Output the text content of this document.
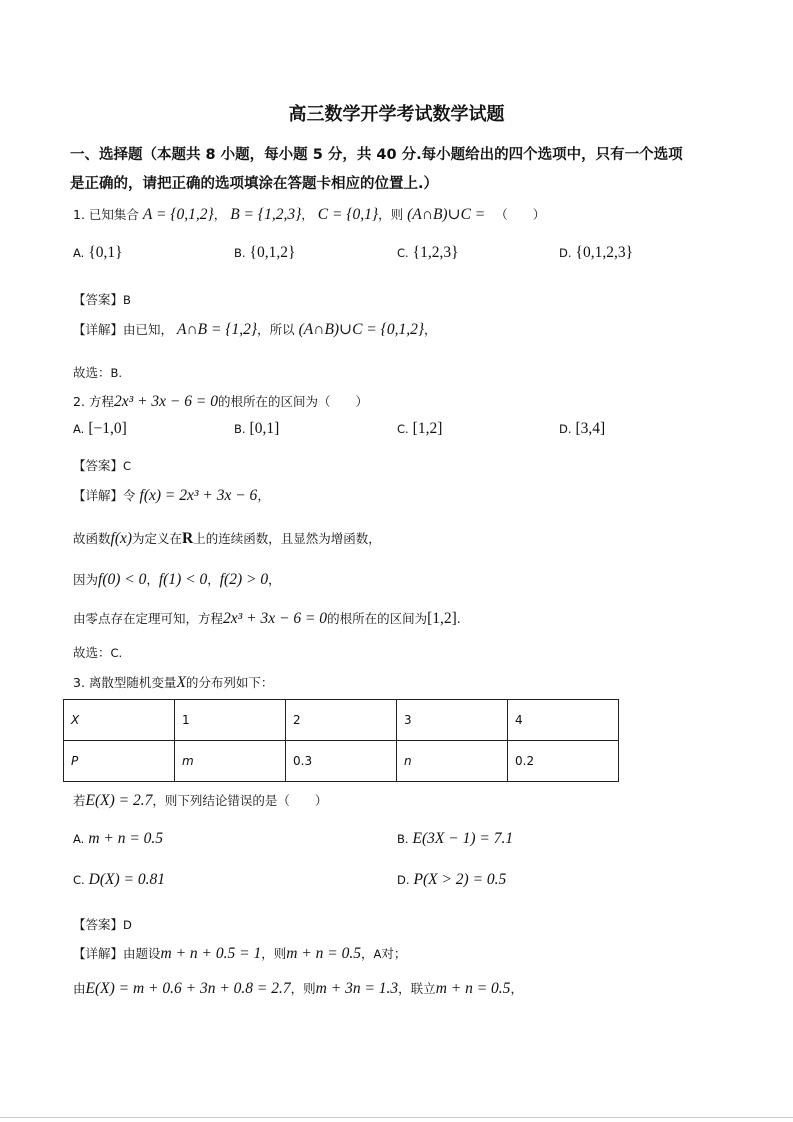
高三数学开学考试数学试题
一、选择题（本题共 8 小题，每小题 5 分，共 40 分.每小题给出的四个选项中，只有一个选项
是正确的，请把正确的选项填涂在答题卡相应的位置上.）
1. 已知集合 A = {0,1,2}， B = {1,2,3}， C = {0,1}，则 (A∩B)∪C = （　　）
A. {0,1}	B. {0,1,2}	C. {1,2,3}	D. {0,1,2,3}
【答案】B
【详解】由已知， A∩B = {1,2}，所以 (A∩B)∪C = {0,1,2}，
故选：B.
2. 方程2x³ + 3x − 6 = 0的根所在的区间为（　　）
A. [−1,0]	B. [0,1]	C. [1,2]	D. [3,4]
【答案】C
【详解】令 f(x) = 2x³ + 3x − 6，
故函数f(x)为定义在R上的连续函数，且显然为增函数，
因为f(0) < 0，f(1) < 0，f(2) > 0，
由零点存在定理可知，方程2x³ + 3x − 6 = 0的根所在的区间为[1,2].
故选：C.
3. 离散型随机变量X的分布列如下：
X	1	2	3	4
P	m	0.3	n	0.2
若E(X) = 2.7，则下列结论错误的是（　　）
A. m + n = 0.5	B. E(3X − 1) = 7.1
C. D(X) = 0.81	D. P(X > 2) = 0.5
【答案】D
【详解】由题设m + n + 0.5 = 1，则m + n = 0.5，A对；
由E(X) = m + 0.6 + 3n + 0.8 = 2.7，则m + 3n = 1.3，联立m + n = 0.5，
